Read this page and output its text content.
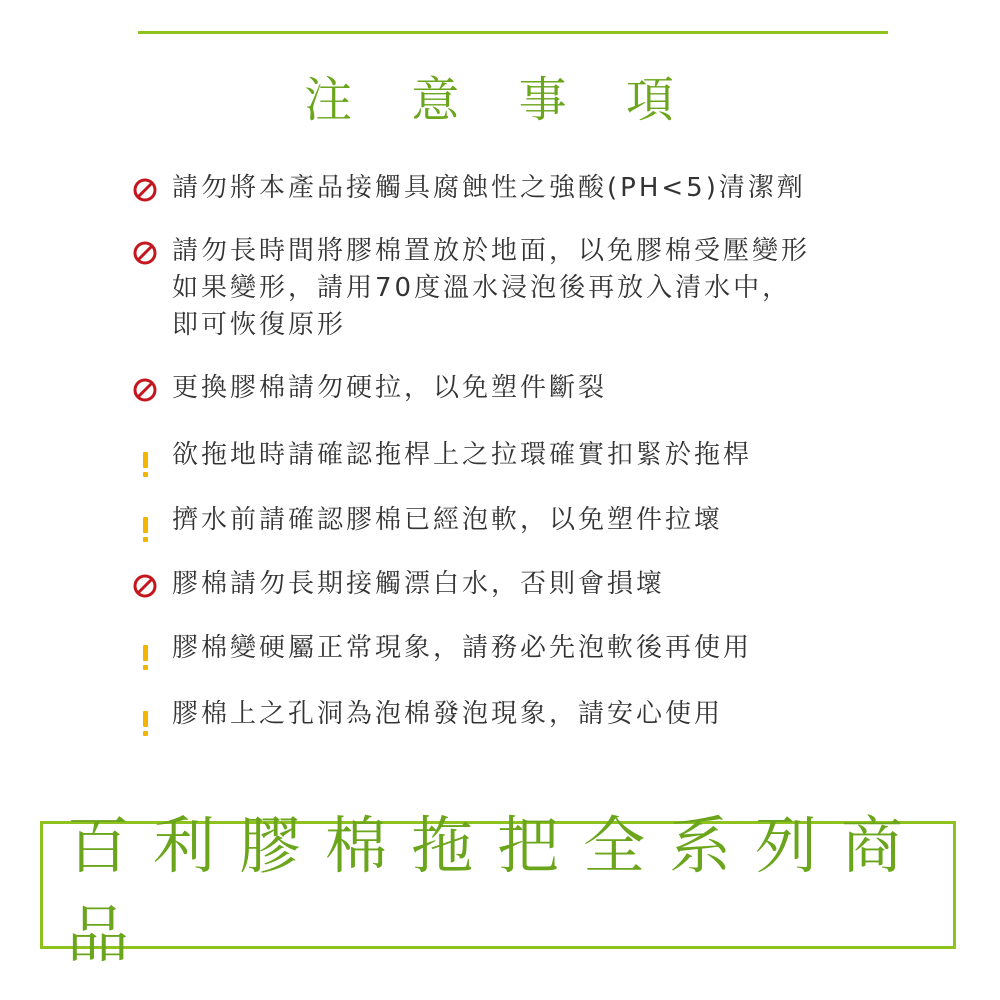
注 意 事 項
請勿將本產品接觸具腐蝕性之強酸(PH<5)清潔劑
請勿長時間將膠棉置放於地面，以免膠棉受壓變形
如果變形，請用70度溫水浸泡後再放入清水中，
即可恢復原形
更換膠棉請勿硬拉，以免塑件斷裂
欲拖地時請確認拖桿上之拉環確實扣緊於拖桿
擠水前請確認膠棉已經泡軟，以免塑件拉壞
膠棉請勿長期接觸漂白水，否則會損壞
膠棉變硬屬正常現象，請務必先泡軟後再使用
膠棉上之孔洞為泡棉發泡現象，請安心使用
百利膠棉拖把全系列商品
